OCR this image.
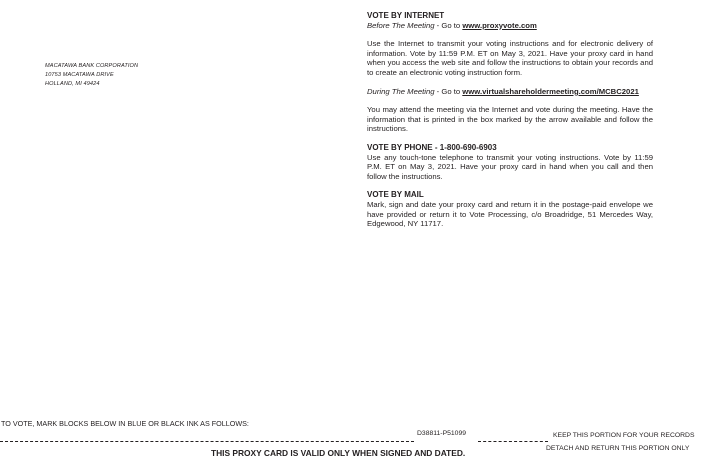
MACATAWA BANK CORPORATION
10753 MACATAWA DRIVE
HOLLAND, MI 49424
VOTE BY INTERNET
Before The Meeting - Go to www.proxyvote.com
Use the Internet to transmit your voting instructions and for electronic delivery of information. Vote by 11:59 P.M. ET on May 3, 2021. Have your proxy card in hand when you access the web site and follow the instructions to obtain your records and to create an electronic voting instruction form.
During The Meeting - Go to www.virtualshareholdermeeting.com/MCBC2021
You may attend the meeting via the Internet and vote during the meeting. Have the information that is printed in the box marked by the arrow available and follow the instructions.
VOTE BY PHONE - 1-800-690-6903
Use any touch-tone telephone to transmit your voting instructions. Vote by 11:59 P.M. ET on May 3, 2021. Have your proxy card in hand when you call and then follow the instructions.
VOTE BY MAIL
Mark, sign and date your proxy card and return it in the postage-paid envelope we have provided or return it to Vote Processing, c/o Broadridge, 51 Mercedes Way, Edgewood, NY 11717.
TO VOTE, MARK BLOCKS BELOW IN BLUE OR BLACK INK AS FOLLOWS:
D38811-P51099	KEEP THIS PORTION FOR YOUR RECORDS
DETACH AND RETURN THIS PORTION ONLY
THIS PROXY CARD IS VALID ONLY WHEN SIGNED AND DATED.
